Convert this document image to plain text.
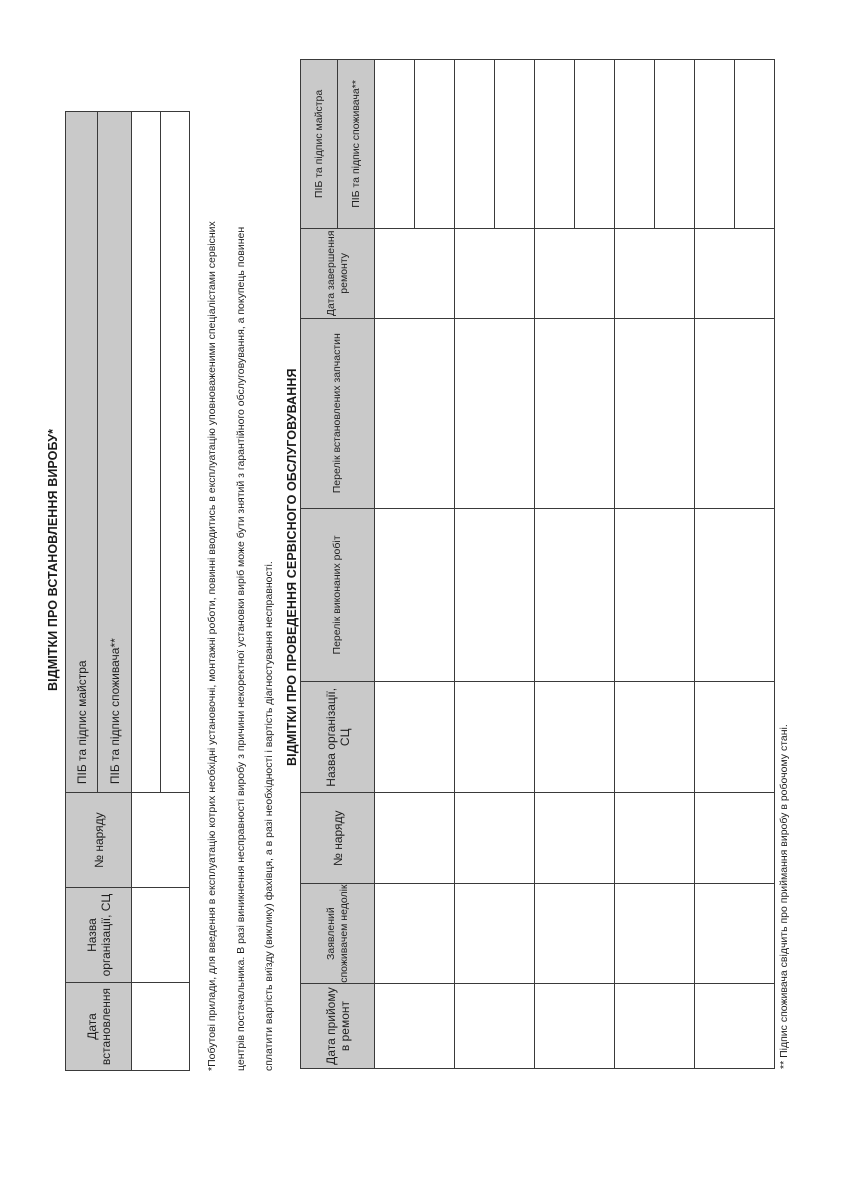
ВІДМІТКИ ПРО ВСТАНОВЛЕННЯ ВИРОБУ*
Дата встановлення	Назва організації, СЦ	№ наряду	ПІБ та підпис майстра
			ПІБ та підпис споживача**
				*Побутові прилади, для введення в експлуатацію котрих необхідні установочні, монтажні роботи, повинні вводитись в експлуатацію уповноваженими спеціалістами сервісних центрів постачальника. В разі виникнення несправності виробу з причини некоректної установки виріб може бути знятий з гарантійного обслуговування, а покупець повинен сплатити вартість виїзду (виклику) фахівця, а в разі необхідності і вартість діагностування несправності. ВІДМІТКИ ПРО ПРОВЕДЕННЯ СЕРВІСНОГО ОБСЛУГОВУВАННЯ
Дата прийому в ремонт	Заявлений споживачем недолік	№ наряду	Назва організації, СЦ	Перелік виконаних робіт	Перелік встановлених запчастин	Дата завершення ремонту	ПІБ та підпис майстра
							ПІБ та підпис споживача**

** Підпис споживача свідчить про приймання виробу в робочому стані.
